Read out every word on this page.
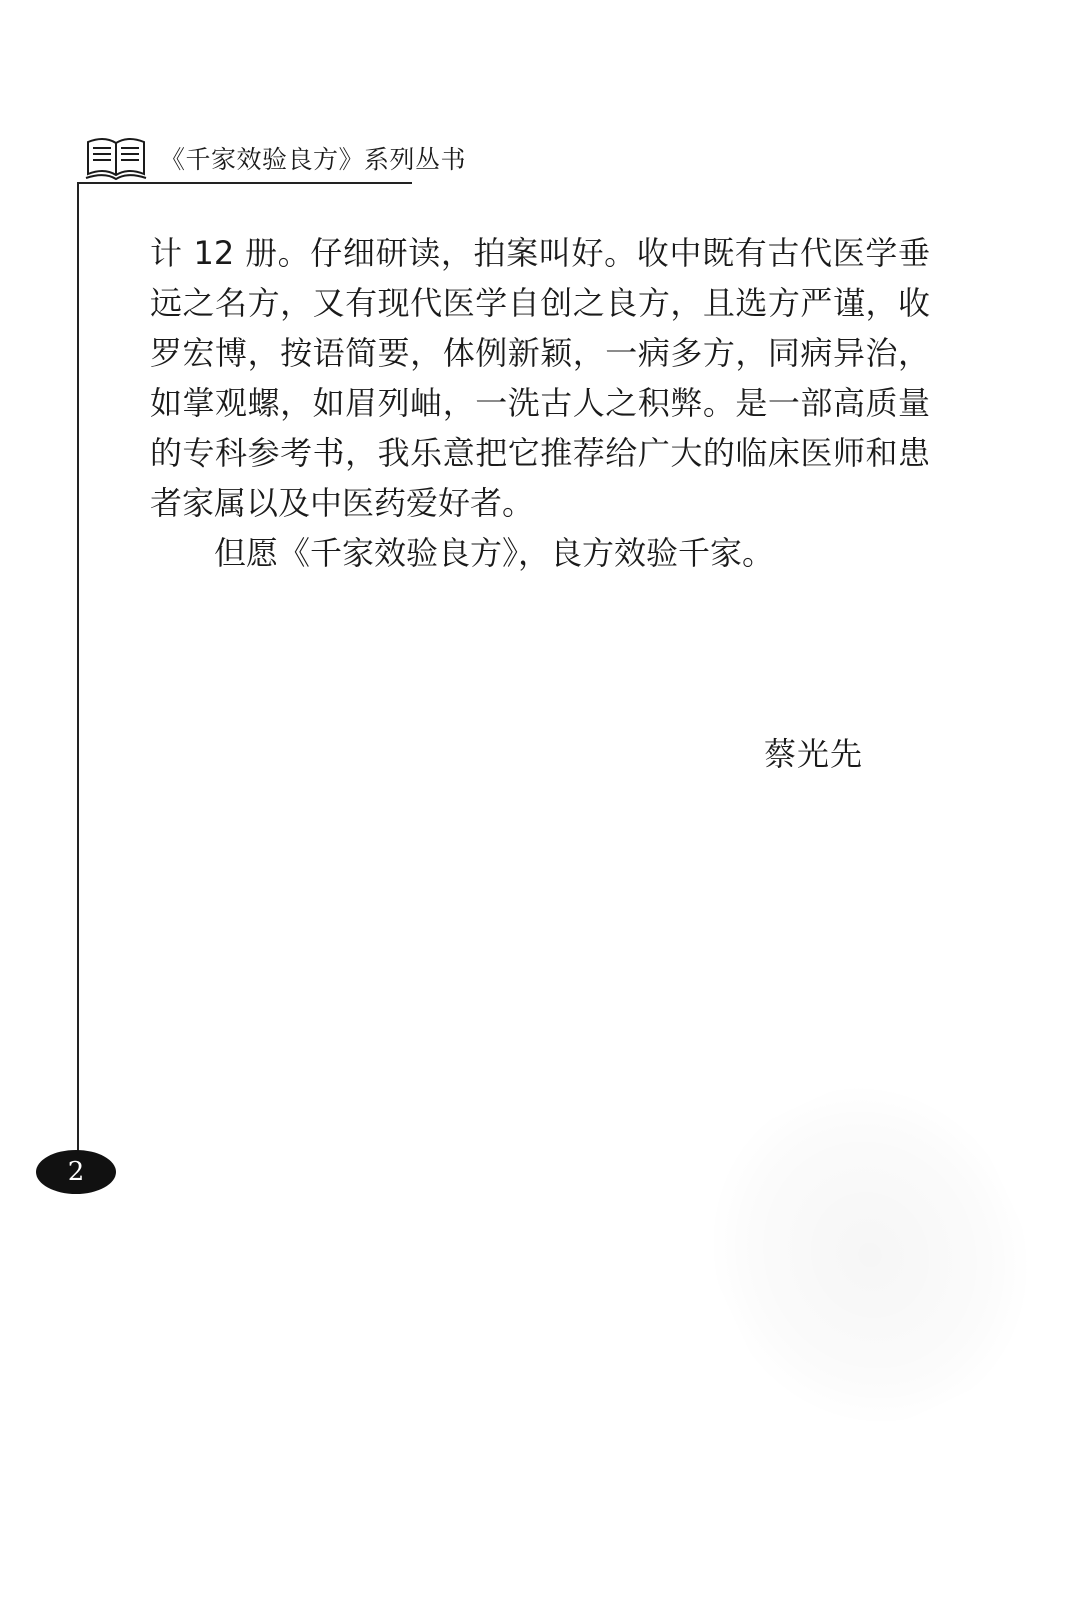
《千家效验良方》系列丛书

计 12 册。仔细研读，拍案叫好。收中既有古代医学垂远之名方，又有现代医学自创之良方，且选方严谨，收罗宏博，按语简要，体例新颖，一病多方，同病异治，如掌观螺，如眉列岫，一洗古人之积弊。是一部高质量的专科参考书，我乐意把它推荐给广大的临床医师和患者家属以及中医药爱好者。

但愿《千家效验良方》，良方效验千家。

蔡光先
2
